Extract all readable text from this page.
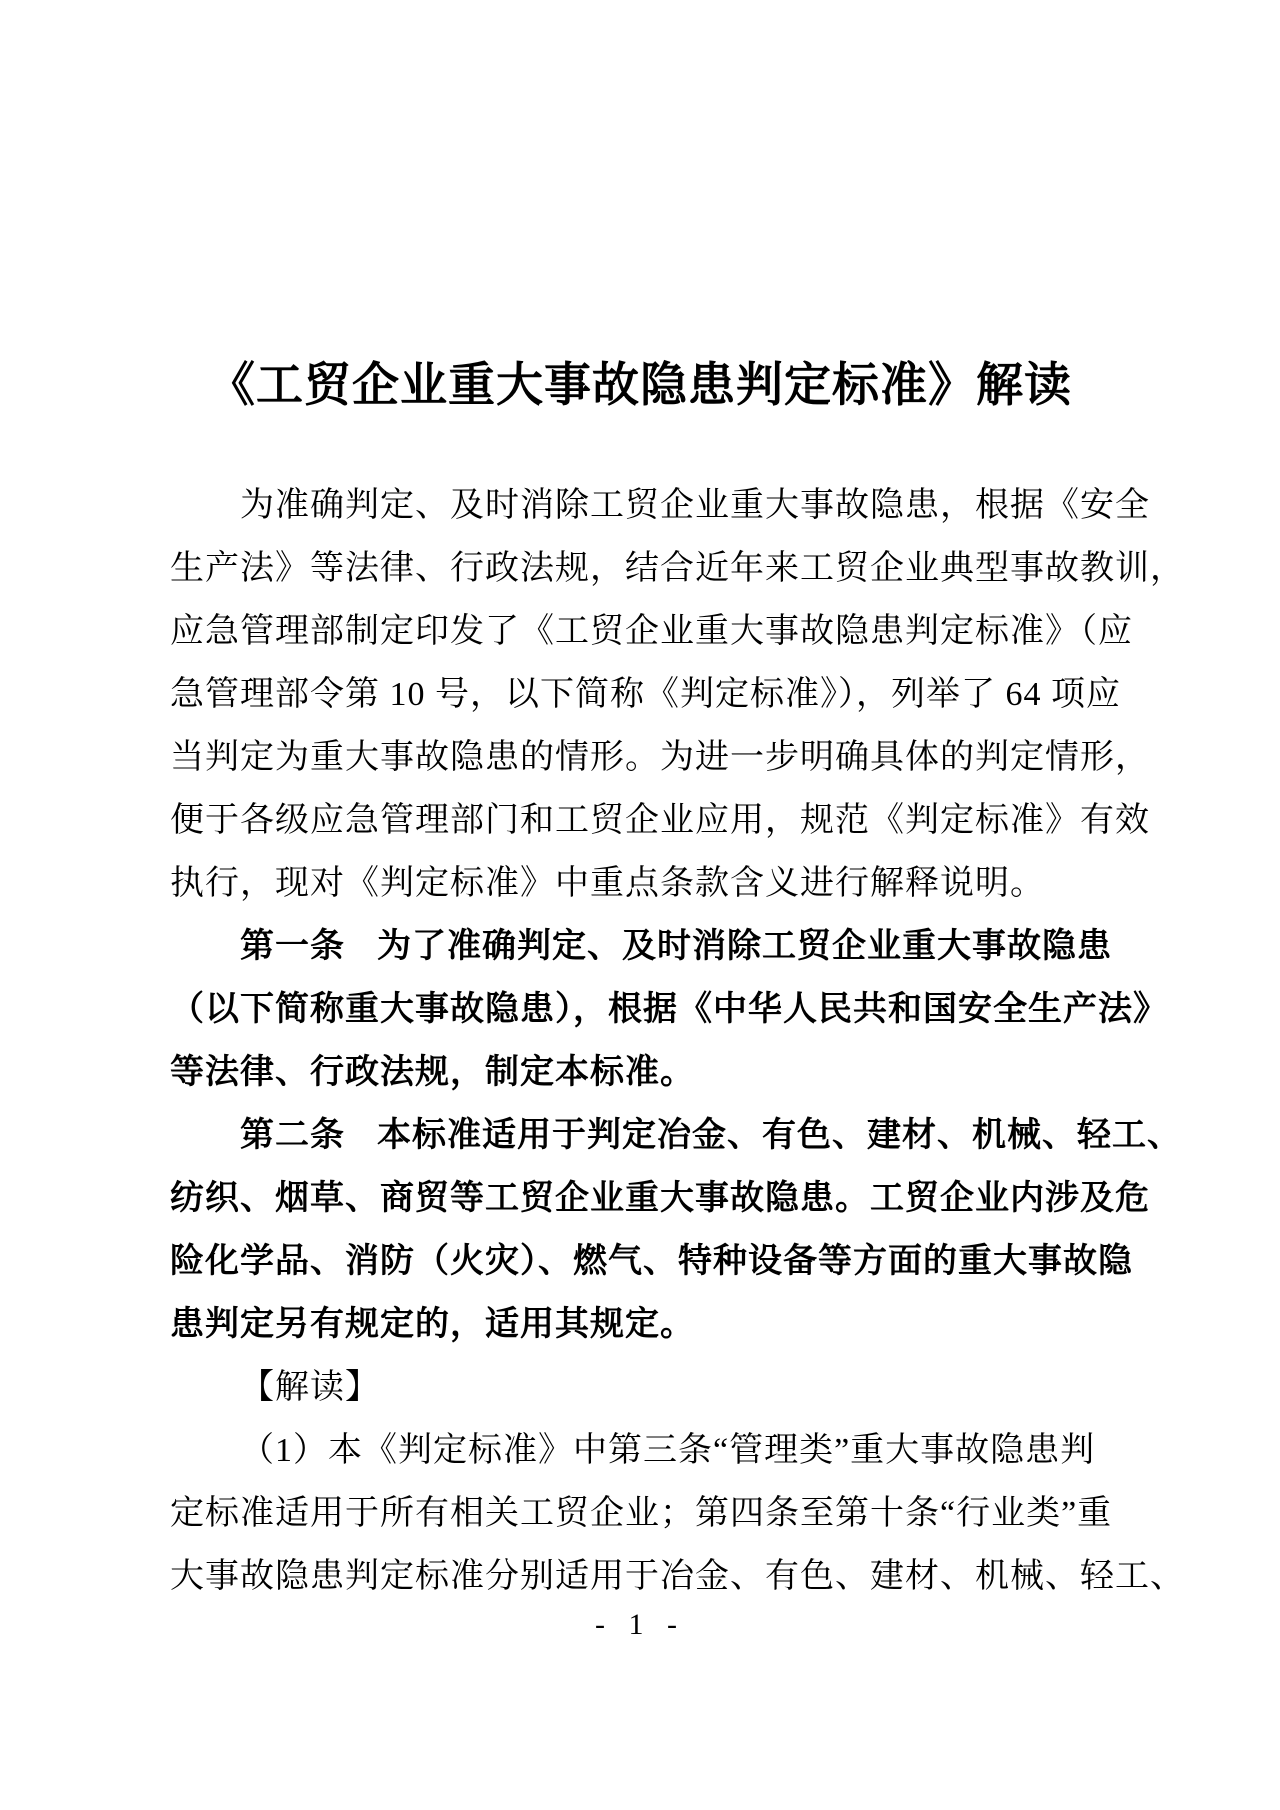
《工贸企业重大事故隐患判定标准》解读
为准确判定、及时消除工贸企业重大事故隐患，根据《安全
生产法》等法律、行政法规，结合近年来工贸企业典型事故教训，
应急管理部制定印发了《工贸企业重大事故隐患判定标准》（应
急管理部令第 10 号，以下简称《判定标准》），列举了 64 项应
当判定为重大事故隐患的情形。为进一步明确具体的判定情形，
便于各级应急管理部门和工贸企业应用，规范《判定标准》有效
执行，现对《判定标准》中重点条款含义进行解释说明。
第一条 为了准确判定、及时消除工贸企业重大事故隐患
（以下简称重大事故隐患），根据《中华人民共和国安全生产法》
等法律、行政法规，制定本标准。
第二条 本标准适用于判定冶金、有色、建材、机械、轻工、
纺织、烟草、商贸等工贸企业重大事故隐患。工贸企业内涉及危
险化学品、消防（火灾）、燃气、特种设备等方面的重大事故隐
患判定另有规定的，适用其规定。
【解读】
（1）本《判定标准》中第三条“管理类”重大事故隐患判
定标准适用于所有相关工贸企业；第四条至第十条“行业类”重
大事故隐患判定标准分别适用于冶金、有色、建材、机械、轻工、
- 1 -
